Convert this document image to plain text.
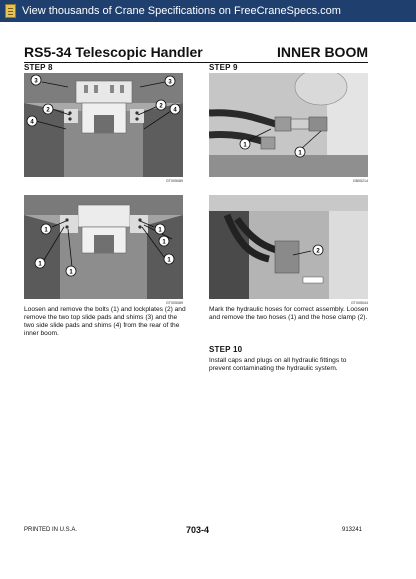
View thousands of Crane Specifications on FreeCraneSpecs.com
RS5-34 Telescopic Handler	INNER BOOM
STEP 8	STEP 9
3	3
2
2
4
4
GT005089
1
1
GB05214
1	1
1
1
1
1
GT005089
2
GT005044
Loosen and remove the bolts (1) and lockplates (2) and remove the two top slide pads and shims (3) and the two side slide pads and shims (4) from the rear of the inner boom.
Mark the hydraulic hoses for correct assembly. Loosen and remove the two hoses (1) and the hose clamp (2).
STEP 10
Install caps and plugs on all hydraulic fittings to prevent contaminating the hydraulic system.
PRINTED IN U.S.A.	703-4	913241
